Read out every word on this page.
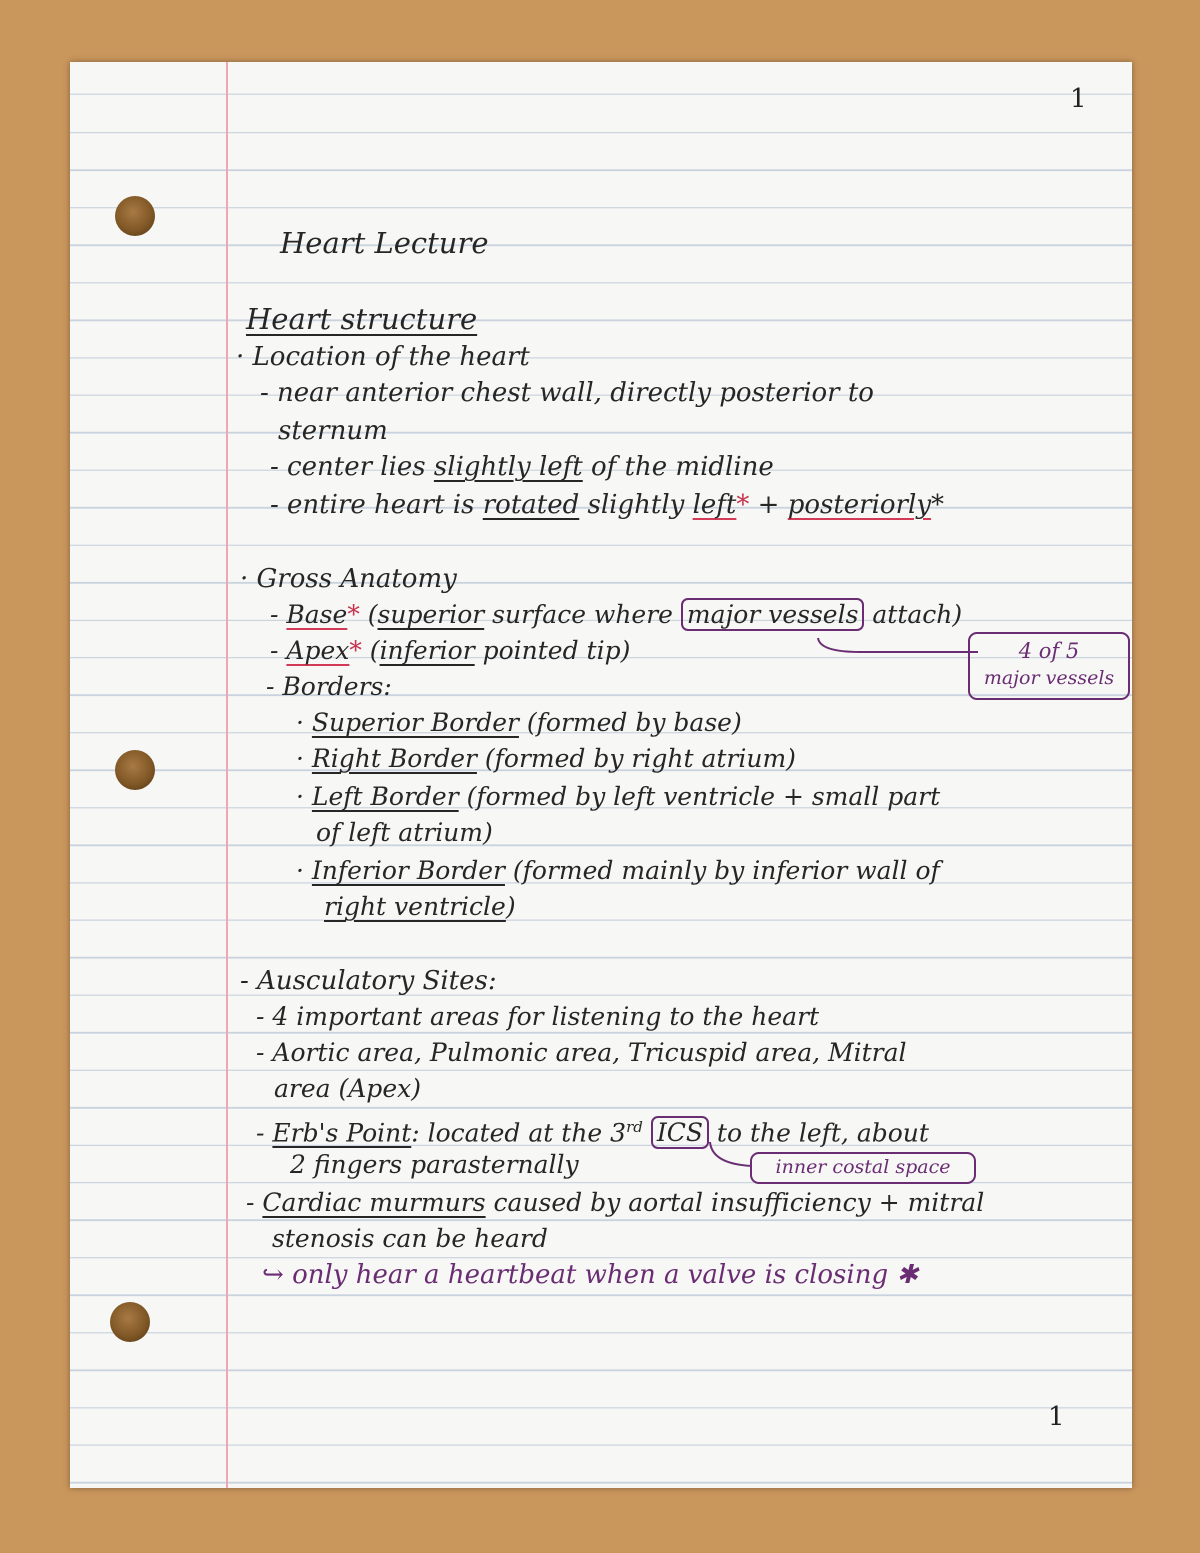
1
1
Heart Lecture
Heart structure
· Location of the heart
- near anterior chest wall, directly posterior to
sternum
- center lies slightly left of the midline
- entire heart is rotated slightly left* + posteriorly*
· Gross Anatomy
- Base* (superior surface where major vessels attach)
- Apex* (inferior pointed tip)	4 of 5
major vessels
- Borders:
· Superior Border (formed by base)
· Right Border (formed by right atrium)
· Left Border (formed by left ventricle + small part
of left atrium)
· Inferior Border (formed mainly by inferior wall of
right ventricle)
- Ausculatory Sites:
- 4 important areas for listening to the heart
- Aortic area, Pulmonic area, Tricuspid area, Mitral
area (Apex)
- Erb's Point: located at the 3rd ICS to the left, about
2 fingers parasternally	inner costal space
- Cardiac murmurs caused by aortal insufficiency + mitral
stenosis can be heard
↪ only hear a heartbeat when a valve is closing ✱
